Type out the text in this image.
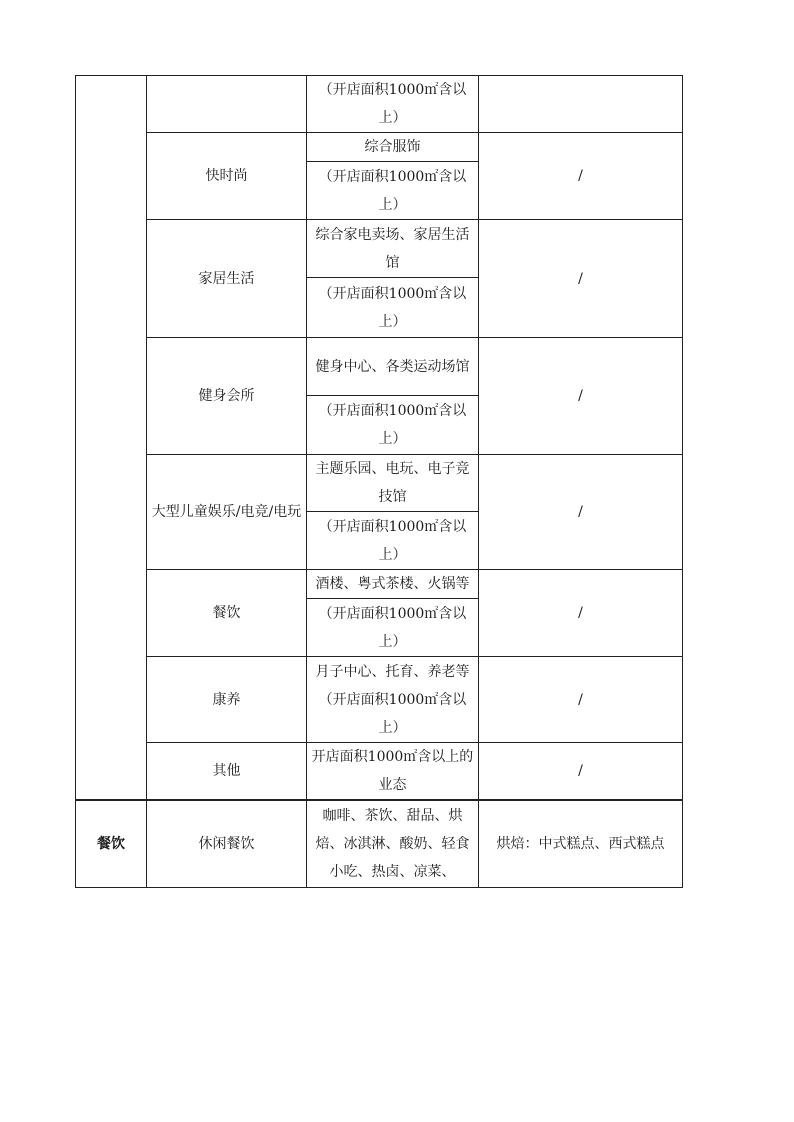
		（开店面积1000㎡含以上）	
	快时尚	综合服饰	/
		（开店面积1000㎡含以上）	
	家居生活	综合家电卖场、家居生活馆	/
		（开店面积1000㎡含以上）	
	健身会所	健身中心、各类运动场馆	/
		（开店面积1000㎡含以上）	
	大型儿童娱乐/电竞/电玩	主题乐园、电玩、电子竞技馆	/
		（开店面积1000㎡含以上）	
	餐饮	酒楼、粤式茶楼、火锅等	/
		（开店面积1000㎡含以上）	
	康养	月子中心、托育、养老等（开店面积1000㎡含以上）	/
	其他	开店面积1000㎡含以上的业态	/
餐饮	休闲餐饮	咖啡、茶饮、甜品、烘焙、冰淇淋、酸奶、轻食小吃、热卤、凉菜、	烘焙：中式糕点、西式糕点
